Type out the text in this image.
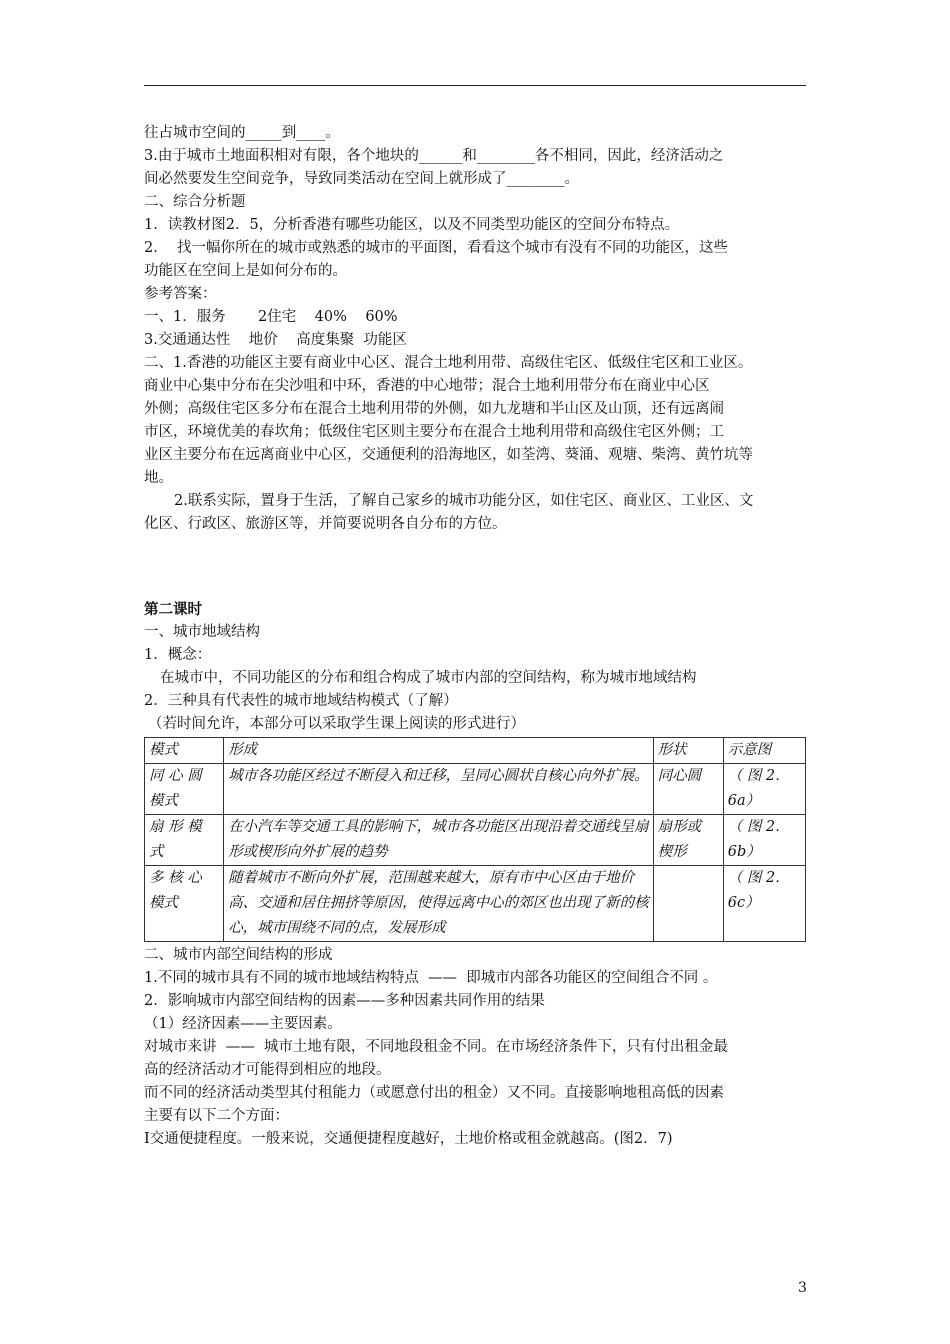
往占城市空间的_____到____。
3.由于城市土地面积相对有限，各个地块的______和________各不相同，因此，经济活动之
间必然要发生空间竞争，导致同类活动在空间上就形成了________。
二、综合分析题
1．读教材图2．5，分析香港有哪些功能区，以及不同类型功能区的空间分布特点。
2．  找一幅你所在的城市或熟悉的城市的平面图，看看这个城市有没有不同的功能区，这些
功能区在空间上是如何分布的。
参考答案：
一、1．服务       2住宅    40%    60%
3.交通通达性    地价    高度集聚  功能区
二、1.香港的功能区主要有商业中心区、混合土地利用带、高级住宅区、低级住宅区和工业区。
商业中心集中分布在尖沙咀和中环，香港的中心地带；混合土地利用带分布在商业中心区
外侧；高级住宅区多分布在混合土地利用带的外侧，如九龙塘和半山区及山顶，还有远离闹
市区，环境优美的春坎角；低级住宅区则主要分布在混合土地利用带和高级住宅区外侧；工
业区主要分布在远离商业中心区，交通便利的沿海地区，如荃湾、葵涌、观塘、柴湾、黄竹坑等
地。
2.联系实际，置身于生活，了解自己家乡的城市功能分区，如住宅区、商业区、工业区、文
化区、行政区、旅游区等，并简要说明各自分布的方位。
第二课时
一、城市地域结构
1．概念：
在城市中，不同功能区的分布和组合构成了城市内部的空间结构，称为城市地域结构
2．三种具有代表性的城市地域结构模式（了解）
（若时间允许，本部分可以采取学生课上阅读的形式进行）
模式	形成	形状	示意图
同 心 圆 模式	城市各功能区经过不断侵入和迁移，呈同心圆状自核心向外扩展。	同心圆	（ 图 2．6a）
扇 形 模 式	在小汽车等交通工具的影响下，城市各功能区出现沿着交通线呈扇形或楔形向外扩展的趋势	扇形或 楔形	（ 图 2．6b）
多 核 心 模式	随着城市不断向外扩展，范围越来越大，原有市中心区由于地价高、交通和居住拥挤等原因，使得远离中心的郊区也出现了新的核心，城市围绕不同的点，发展形成		（ 图 2．6c）
二、城市内部空间结构的形成
1.不同的城市具有不同的城市地域结构特点  ——  即城市内部各功能区的空间组合不同 。
2．影响城市内部空间结构的因素——多种因素共同作用的结果
（1）经济因素——主要因素。
对城市来讲  ——  城市土地有限，不同地段租金不同。在市场经济条件下，只有付出租金最
高的经济活动才可能得到相应的地段。
而不同的经济活动类型其付租能力（或愿意付出的租金）又不同。直接影响地租高低的因素
主要有以下二个方面：
Ⅰ交通便捷程度。一般来说，交通便捷程度越好，土地价格或租金就越高。(图2．7)
3
